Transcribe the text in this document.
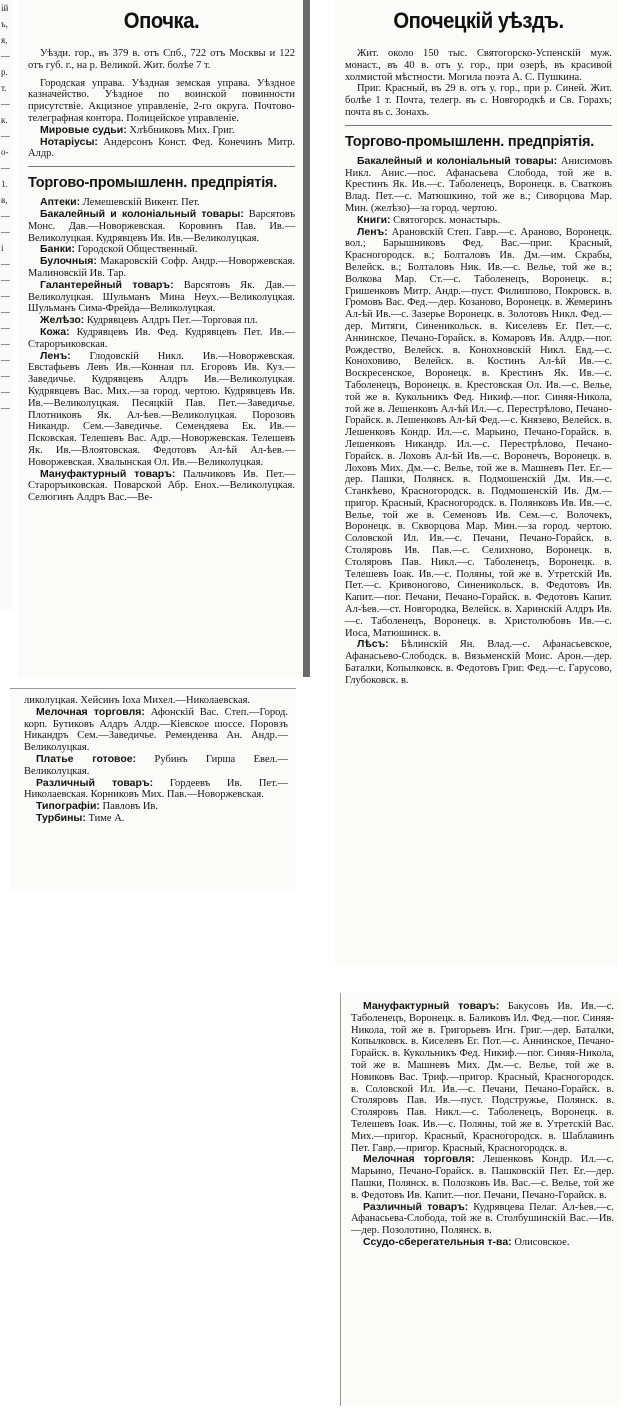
ій
ъ,
я,
—
р.
т.
—
к.
—
о-
—
1.
в,
—
—
і
—
—
—
—
—
—
—
—
—
—
Опочка.

Уѣзди. гор., въ 379 в. отъ Спб., 722 отъ Москвы и 122 отъ губ. г., на р. Великой. Жит. болѣе 7 т.

Городская управа. Уѣздная земская управа. Уѣздное казначейство. Уѣздное по воинской повинности присутствіе. Акцизное управленіе, 2-го округа. Почтово-телеграфная контора. Полицейское управленіе.

Мировые судьи: Хлѣбниковъ Мих. Григ.

Нотаріусы: Андерсонъ Конст. Фед. Конечинъ Митр. Алдр.

Торгово-промышленн. предпріятія.

Аптеки: Лемешевскій Викент. Пет.

Бакалейный и колоніальный товары: Варсятовъ Монс. Дав.—Новоржевская. Коровинъ Пав. Ив.—Великолуцкая. Кудрявцевъ Ив. Ив.—Великолуцкая.

Банки: Городской Общественный.

Булочныя: Макаровскій Софр. Андр.—Новоржевская. Малиновскій Ив. Тар.

Галантерейный товаръ: Варсятовъ Як. Дав.—Великолуцкая. Шульманъ Мина Неух.—Великолуцкая. Шульманъ Сима-Фрейда—Великолуцкая.

Желѣзо: Кудрявцевъ Алдръ Пет.—Торговая пл.

Кожа: Кудрявцевъ Ив. Фед. Кудрявцевъ Пет. Ив.—Староръиковская.

Ленъ: Глодовскій Никл. Ив.—Новоржевская. Евстафьевъ Левъ Ив.—Конная пл. Егоровъ Ив. Куз.—Заведичье. Кудрявцевъ Алдръ Ив.—Великолуцкая. Кудрявцевъ Вас. Мих.—за город. чертою. Кудрявцевъ Ив. Ив.—Великолуцкая. Песяцкій Пав. Пет.—Заведичье. Плотниковъ Як. Ал-ѣев.—Великолуцкая. Порозовъ Никандр. Сем.—Заведичье. Семендяева Ек. Ив.—Псковская. Телешевъ Вас. Адр.—Новоржевская. Телешевъ Як. Ив.—Влоятовская. Федотовъ Ал-ѣй Ал-ѣев.—Новоржевская. Хвалынская Ол. Ив.—Великолуцкая.

Мануфактурный товаръ: Пальчиковъ Ив. Пет.—Староръиковская. Поварской Абр. Енох.—Великолуцкая. Селюгинъ Алдръ Вас.—Ве-

ликолуцкая. Хейсинъ Іоха Михел.—Николаевская.

Мелочная торговля: Афонскій Вас. Степ.—Город. корп. Бутиковъ Алдръ Алдр.—Кіевское шоссе. Поровзъ Никандръ Сем.—Заведичье. Ременденва Ан. Андр.—Великолуцкая.

Платье готовое: Рубинъ Гирша Евел.—Великолуцкая.

Различный товаръ: Гордеевъ Ив. Пет.—Николаевская. Корниковъ Мих. Пав.—Новоржевская.

Типографіи: Павловъ Ив.

Турбины: Тиме А.

Опочецкій уѣздъ.

Жит. около 150 тыс. Святогорско-Успенскій муж. монаст., въ 40 в. отъ у. гор., при озерѣ, въ красивой холмистой мѣстности. Могила поэта А. С. Пушкина.

Приг. Красный, въ 29 в. отъ у. гор., при р. Синей. Жит. болѣе 1 т. Почта, телегр. въ с. Новгородкѣ и Св. Горахъ; почта въ с. Зонахъ.

Торгово-промышленн. предпріятія.

Бакалейный и колоніальный товары: Анисимовъ Никл. Анис.—пос. Афанасьева Слобода, той же в. Крестинъ Як. Ив.—с. Таболенецъ, Воронецк. в. Сватковъ Влад. Пет.—с. Матюшкино, той же в.; Сиворцова Мар. Мин. (желѣзо)—за город. чертою.

Книги: Святогорск. монастырь.

Ленъ: Арановскій Степ. Гавр.—с. Араново, Воронецк. вол.; Барышниковъ Фед. Вас.—приг. Красный, Красногородск. в.; Болталовъ Ив. Дм.—им. Скрабы, Велейск. в.; Болталовъ Ник. Ив.—с. Велье, той же в.; Волкова Мар. Ст.—с. Таболенецъ, Воронецк. в.; Гришенковъ Митр. Андр.—пуст. Филиппово, Покровск. в. Громовъ Вас. Фед.—дер. Козаново, Воронецк. в. Жемеринъ Ал-ѣй Ив.—с. Зазерье Воронецк. в. Золотовъ Никл. Фед.—дер. Митяги, Синеникольск. в. Киселевъ Ег. Пет.—с. Аннинское, Печано-Горайск. в. Комаровъ Ив. Алдр.—пог. Рождество, Велейск. в. Конохновскій Никл. Евд.—с. Коноховиво, Велейск. в. Костинъ Ал-ѣй Ив.—с. Воскресенское, Воронецк. в. Крестинъ Як. Ив.—с. Таболенецъ, Воронецк. в. Крестовская Ол. Ив.—с. Велье, той же в. Кукольникъ Фед. Никиф.—пог. Синяя-Никола, той же в. Лешенковъ Ал-ѣй Ил.—с. Перестрѣлово, Печано-Горайск. в. Лешенковъ Ал-ѣй Фед.—с. Князево, Велейск. в. Лешенковъ Кондр. Ил.—с. Марьино, Печано-Горайск. в. Лешенковъ Никандр. Ил.—с. Перестрѣлово, Печано-Горайск. в. Лоховъ Ал-ѣй Ив.—с. Воронечъ, Воронецк. в. Лоховъ Мих. Дм.—с. Велье, той же в. Машневъ Пет. Ег.—дер. Пашки, Полянск. в. Подмошенскій Дм. Ив.—с. Станкѣево, Красногородск. в. Подмошенскій Ив. Дм.—пригор. Красный, Красногородск. в. Полянковъ Ив. Ив.—с. Велье, той же в. Семеновъ Ив. Сем.—с. Волочекъ, Воронецк. в. Скворцова Мар. Мин.—за город. чертою. Соловской Ил. Ив.—с. Печани, Печано-Горайск. в. Столяровъ Ив. Пав.—с. Селихново, Воронецк. в. Столяровъ Пав. Никл.—с. Таболенецъ, Воронецк. в. Телешевъ Іоак. Ив.—с. Поляны, той же в. Утретскій Ив. Пет.—с. Кривоногово, Синеникольск. в. Федотовъ Ив. Капит.—пог. Печани, Печано-Горайск. в. Федотовъ Капит. Ал-ѣев.—ст. Новгородка, Велейск. в. Харинскій Алдръ Ив.—с. Таболенецъ, Воронецк. в. Христолюбовъ Ив.—с. Иоса, Матюшинск. в.

Лѣсъ: Бѣлинскій Ян. Влад.—с. Афанасьевское, Афанасьево-Слободск. в. Вязьменскій Моис. Арон.—дер. Баталки, Копылковск. в. Федотовъ Григ. Фед.—с. Гарусово, Глубоковск. в.

Мануфактурный товаръ: Бакусовъ Ив. Ив.—с. Таболенецъ, Воронецк. в. Баликовъ Ил. Фед.—пог. Синяя-Никола, той же в. Григорьевъ Игн. Григ.—дер. Баталки, Копылковск. в. Киселевъ Ег. Пот.—с. Аннинское, Печано-Горайск. в. Кукольникъ Фед. Никиф.—пог. Синяя-Никола, той же в. Машневъ Мих. Дм.—с. Велье, той же в. Новиковъ Вас. Триф.—пригор. Красный, Красногородск. в. Соловской Ил. Ив.—с. Печани, Печано-Горайск. в. Столяровъ Пав. Ив.—пуст. Подстружье, Полянск. в. Столяровъ Пав. Никл.—с. Таболенецъ, Воронецк. в. Телешевъ Іоак. Ив.—с. Поляны, той же в. Утретскій Вас. Мих.—пригор. Красный, Красногородск. в. Шаблавинъ Пет. Гавр.—пригор. Красный, Красногородск. в.

Мелочная торговля: Лешенковъ Кондр. Ил.—с. Марьино, Печано-Горайск. в. Пашковскій Пет. Ег.—дер. Пашки, Полянск. в. Полозковъ Ив. Вас.—с. Велье, той же в. Федотовъ Ив. Капит.—пог. Печани, Печано-Горайск. в.

Различный товаръ: Кудрявцева Пелаг. Ал-ѣев.—с. Афанасьева-Слобода, той же в. Столбушинскій Вас.—Ив.—дер. Позолотино, Полянск. в.

Ссудо-сберегательныя т-ва: Олисовское.
